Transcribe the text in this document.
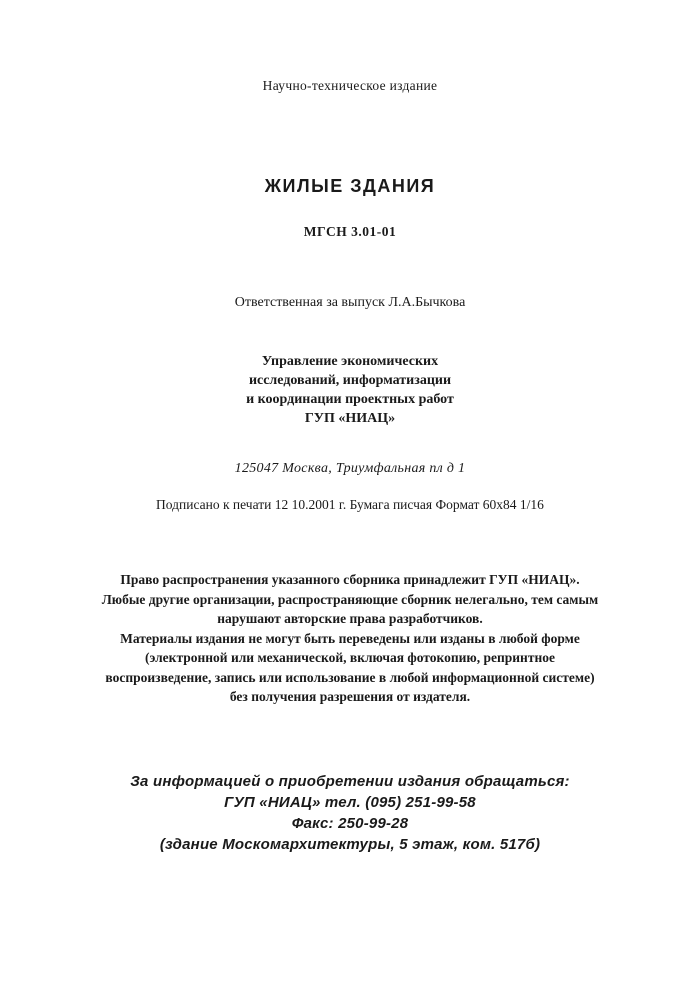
Научно-техническое издание
ЖИЛЫЕ ЗДАНИЯ
МГСН 3.01-01
Ответственная за выпуск Л.А.Бычкова
Управление экономических
исследований, информатизации
и координации проектных работ
ГУП «НИАЦ»
125047 Москва, Триумфальная пл д 1
Подписано к печати 12 10.2001 г. Бумага писчая Формат 60х84 1/16
Право распространения указанного сборника принадлежит ГУП «НИАЦ».
Любые другие организации, распространяющие сборник нелегально, тем самым
нарушают авторские права разработчиков.
Материалы издания не могут быть переведены или изданы в любой форме
(электронной или механической, включая фотокопию, репринтное
воспроизведение, запись или использование в любой информационной системе)
без получения разрешения от издателя.
За информацией о приобретении издания обращаться:
ГУП «НИАЦ» тел. (095) 251-99-58
Факс: 250-99-28
(здание Москомархитектуры, 5 этаж, ком. 517б)
